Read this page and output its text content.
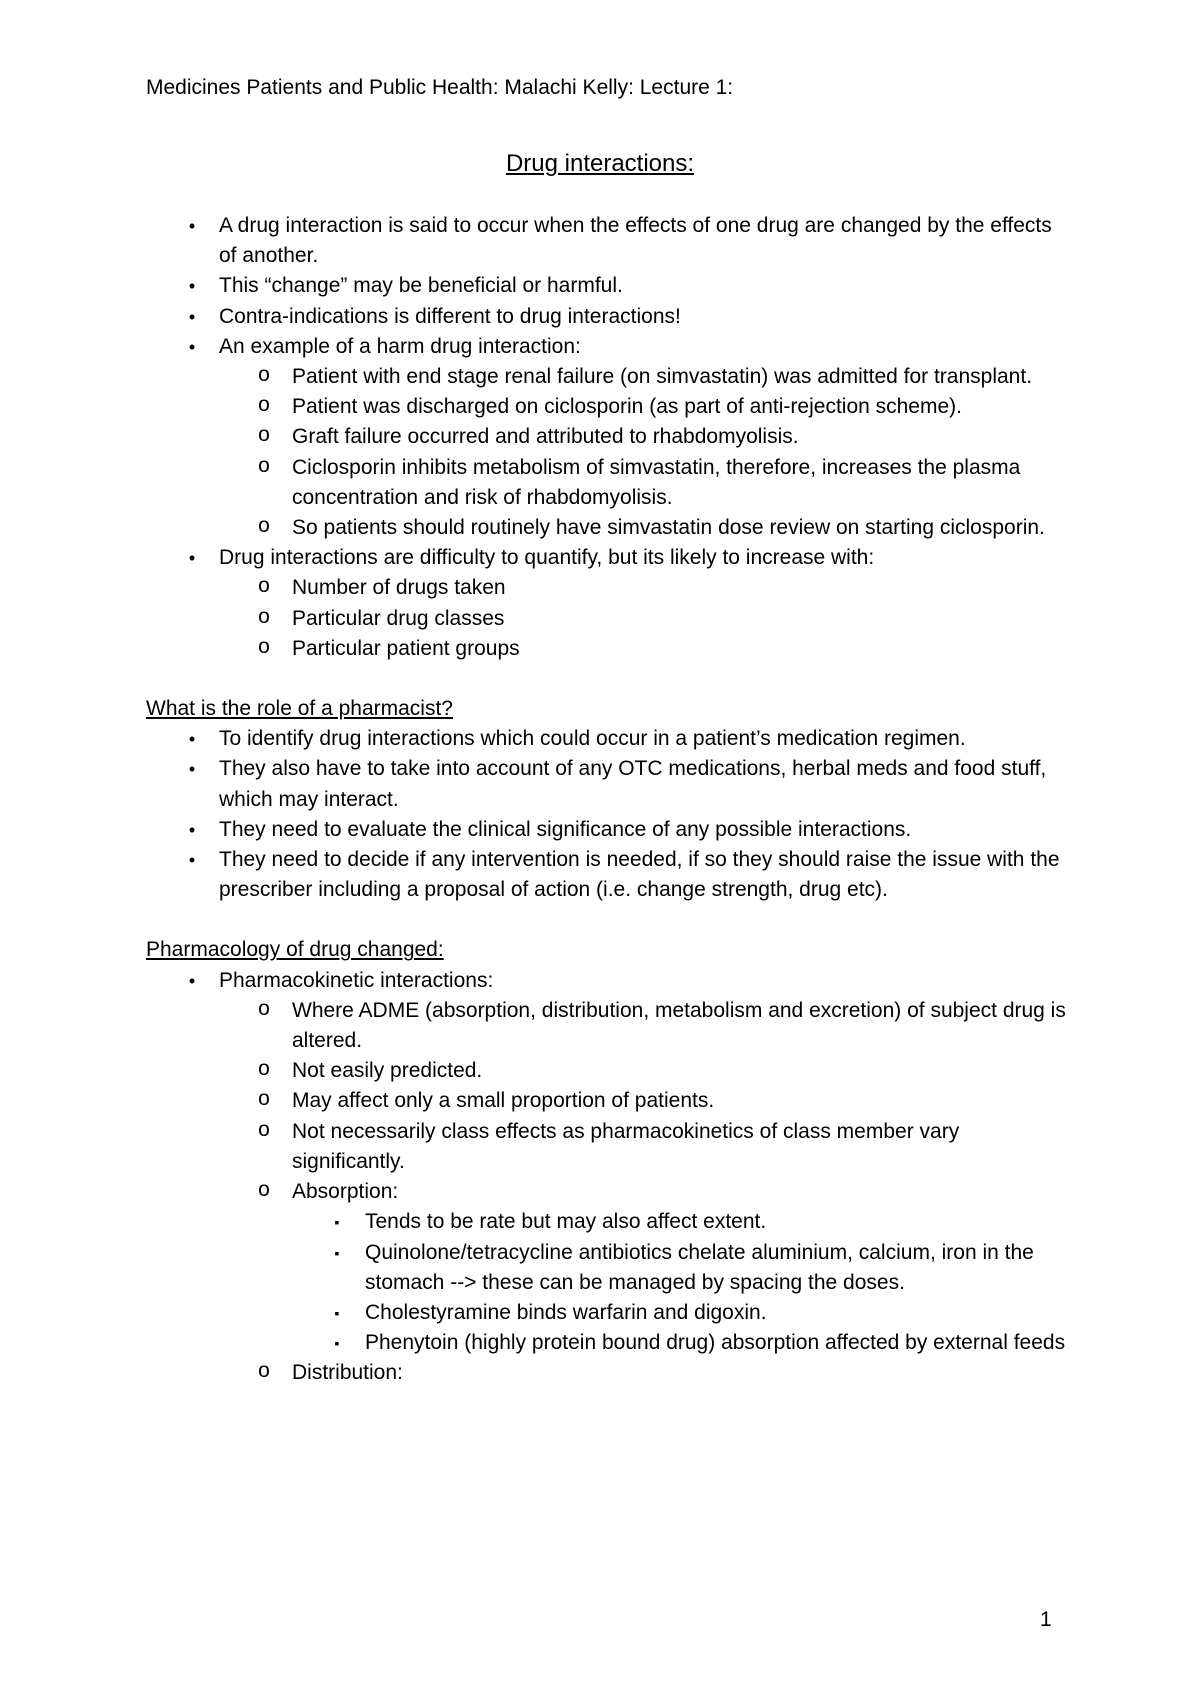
Medicines Patients and Public Health: Malachi Kelly: Lecture 1:
Drug interactions:
•	A drug interaction is said to occur when the effects of one drug are changed by the effects of another.
•	This “change” may be beneficial or harmful.
•	Contra-indications is different to drug interactions!
•	An example of a harm drug interaction:
o Patient with end stage renal failure (on simvastatin) was admitted for transplant.
o Patient was discharged on ciclosporin (as part of anti-rejection scheme).
o Graft failure occurred and attributed to rhabdomyolisis.
o Ciclosporin inhibits metabolism of simvastatin, therefore, increases the plasma concentration and risk of rhabdomyolisis.
o So patients should routinely have simvastatin dose review on starting ciclosporin.
•	Drug interactions are difficulty to quantify, but its likely to increase with:
o Number of drugs taken
o Particular drug classes
o Particular patient groups
What is the role of a pharmacist?
•	To identify drug interactions which could occur in a patient’s medication regimen.
•	They also have to take into account of any OTC medications, herbal meds and food stuff, which may interact.
•	They need to evaluate the clinical significance of any possible interactions.
•	They need to decide if any intervention is needed, if so they should raise the issue with the prescriber including a proposal of action (i.e. change strength, drug etc).
Pharmacology of drug changed:
•	Pharmacokinetic interactions:
o Where ADME (absorption, distribution, metabolism and excretion) of subject drug is altered.
o Not easily predicted.
o May affect only a small proportion of patients.
o Not necessarily class effects as pharmacokinetics of class member vary significantly.
o Absorption:
▪	Tends to be rate but may also affect extent.
▪	Quinolone/tetracycline antibiotics chelate aluminium, calcium, iron in the stomach --> these can be managed by spacing the doses.
▪	Cholestyramine binds warfarin and digoxin.
▪	Phenytoin (highly protein bound drug) absorption affected by external feeds
o Distribution:
1
